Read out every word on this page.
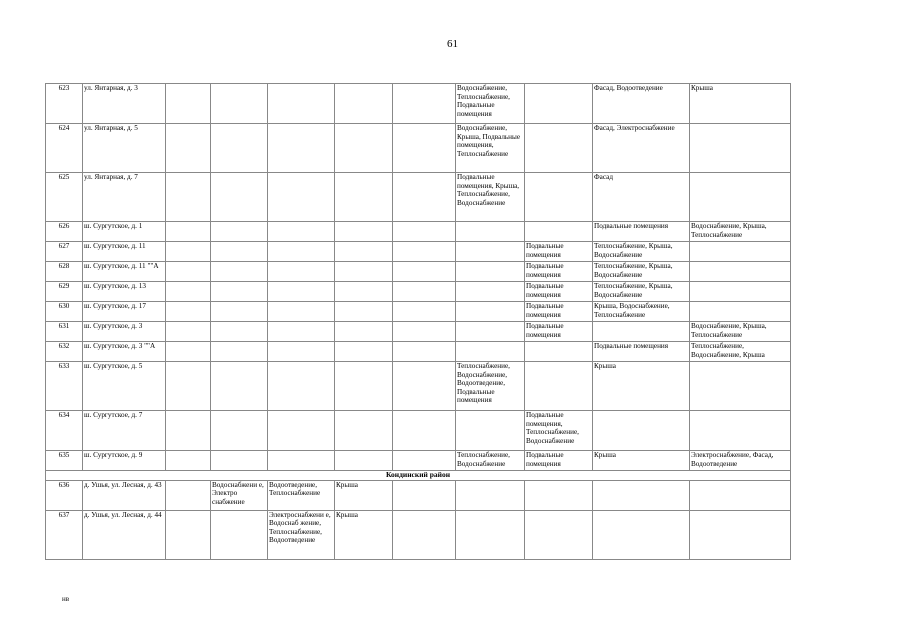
61
623	ул. Янтарная, д. 3						Водоснабжение, Теплоснабжение, Подвальные помещения		Фасад, Водоотведение	Крыша
624	ул. Янтарная, д. 5						Водоснабжение, Крыша, Подвальные помещения, Теплоснабжение		Фасад, Электроснабжение	
625	ул. Янтарная, д. 7						Подвальные помещения, Крыша, Теплоснабжение, Водоснабжение		Фасад	
626	ш. Сургутское, д. 1								Подвальные помещения	Водоснабжение, Крыша, Теплоснабжение
627	ш. Сургутское, д. 11							Подвальные помещения	Теплоснабжение, Крыша, Водоснабжение	
628	ш. Сургутское, д. 11 ""А							Подвальные помещения	Теплоснабжение, Крыша, Водоснабжение	
629	ш. Сургутское, д. 13							Подвальные помещения	Теплоснабжение, Крыша, Водоснабжение	
630	ш. Сургутское, д. 17							Подвальные помещения	Крыша, Водоснабжение, Теплоснабжение	
631	ш. Сургутское, д. 3							Подвальные помещения		Водоснабжение, Крыша, Теплоснабжение
632	ш. Сургутское, д. 3 ""А								Подвальные помещения	Теплоснабжение, Водоснабжение, Крыша
633	ш. Сургутское, д. 5						Теплоснабжение, Водоснабжение, Водоотведение, Подвальные помещения		Крыша	
634	ш. Сургутское, д. 7							Подвальные помещения, Теплоснабжение, Водоснабжение		
635	ш. Сургутское, д. 9						Теплоснабжение, Водоснабжение	Подвальные помещения	Крыша	Электроснабжение, Фасад, Водоотведение
Кондинский район										
636	д. Ушья, ул. Лесная, д. 43		Водоснабжени е, Электро снабжение	Водоотведение, Теплоснабжение	Крыша					
637	д. Ушья, ул. Лесная, д. 44			Электроснабжени е, Водоснаб жение, Теплоснабжение, Водоотведение	Крыша					
нв
